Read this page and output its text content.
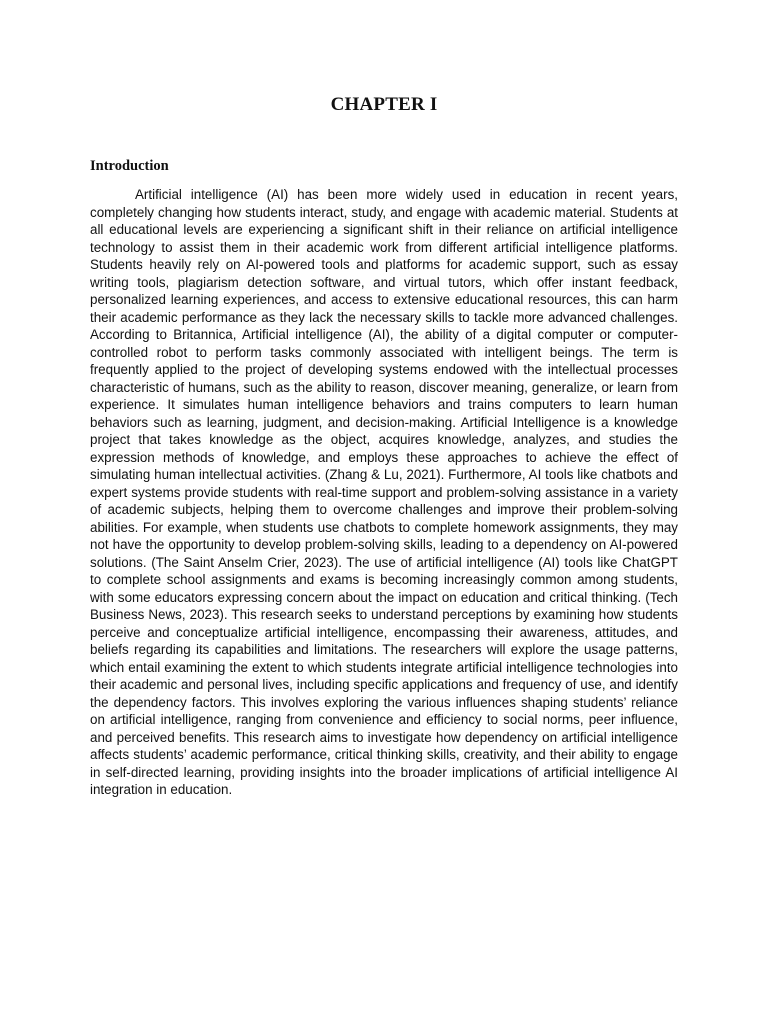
CHAPTER I
Introduction

Artificial intelligence (AI) has been more widely used in education in recent years, completely changing how students interact, study, and engage with academic material. Students at all educational levels are experiencing a significant shift in their reliance on artificial intelligence technology to assist them in their academic work from different artificial intelligence platforms. Students heavily rely on AI-powered tools and platforms for academic support, such as essay writing tools, plagiarism detection software, and virtual tutors, which offer instant feedback, personalized learning experiences, and access to extensive educational resources, this can harm their academic performance as they lack the necessary skills to tackle more advanced challenges. According to Britannica, Artificial intelligence (AI), the ability of a digital computer or computer-controlled robot to perform tasks commonly associated with intelligent beings. The term is frequently applied to the project of developing systems endowed with the intellectual processes characteristic of humans, such as the ability to reason, discover meaning, generalize, or learn from experience. It simulates human intelligence behaviors and trains computers to learn human behaviors such as learning, judgment, and decision-making. Artificial Intelligence is a knowledge project that takes knowledge as the object, acquires knowledge, analyzes, and studies the expression methods of knowledge, and employs these approaches to achieve the effect of simulating human intellectual activities. (Zhang & Lu, 2021). Furthermore, AI tools like chatbots and expert systems provide students with real-time support and problem-solving assistance in a variety of academic subjects, helping them to overcome challenges and improve their problem-solving abilities. For example, when students use chatbots to complete homework assignments, they may not have the opportunity to develop problem-solving skills, leading to a dependency on AI-powered solutions. (The Saint Anselm Crier, 2023). The use of artificial intelligence (AI) tools like ChatGPT to complete school assignments and exams is becoming increasingly common among students, with some educators expressing concern about the impact on education and critical thinking. (Tech Business News, 2023). This research seeks to understand perceptions by examining how students perceive and conceptualize artificial intelligence, encompassing their awareness, attitudes, and beliefs regarding its capabilities and limitations. The researchers will explore the usage patterns, which entail examining the extent to which students integrate artificial intelligence technologies into their academic and personal lives, including specific applications and frequency of use, and identify the dependency factors. This involves exploring the various influences shaping students’ reliance on artificial intelligence, ranging from convenience and efficiency to social norms, peer influence, and perceived benefits. This research aims to investigate how dependency on artificial intelligence affects students’ academic performance, critical thinking skills, creativity, and their ability to engage in self-directed learning, providing insights into the broader implications of artificial intelligence AI integration in education.
